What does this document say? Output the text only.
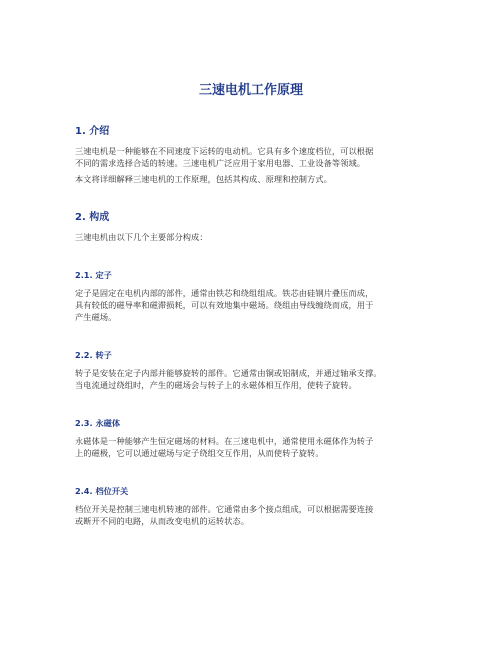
三速电机工作原理
1. 介绍

三速电机是一种能够在不同速度下运转的电动机。它具有多个速度档位，可以根据

不同的需求选择合适的转速。三速电机广泛应用于家用电器、工业设备等领域。

本文将详细解释三速电机的工作原理，包括其构成、原理和控制方式。

2. 构成

三速电机由以下几个主要部分构成：

2.1. 定子

定子是固定在电机内部的部件，通常由铁芯和绕组组成。铁芯由硅钢片叠压而成，

具有较低的磁导率和磁滞损耗，可以有效地集中磁场。绕组由导线缠绕而成，用于

产生磁场。

2.2. 转子

转子是安装在定子内部并能够旋转的部件。它通常由铜或铝制成，并通过轴承支撑。

当电流通过绕组时，产生的磁场会与转子上的永磁体相互作用，使转子旋转。

2.3. 永磁体

永磁体是一种能够产生恒定磁场的材料。在三速电机中，通常使用永磁体作为转子

上的磁极，它可以通过磁场与定子绕组交互作用，从而使转子旋转。

2.4. 档位开关

档位开关是控制三速电机转速的部件。它通常由多个接点组成，可以根据需要连接

或断开不同的电路，从而改变电机的运转状态。
